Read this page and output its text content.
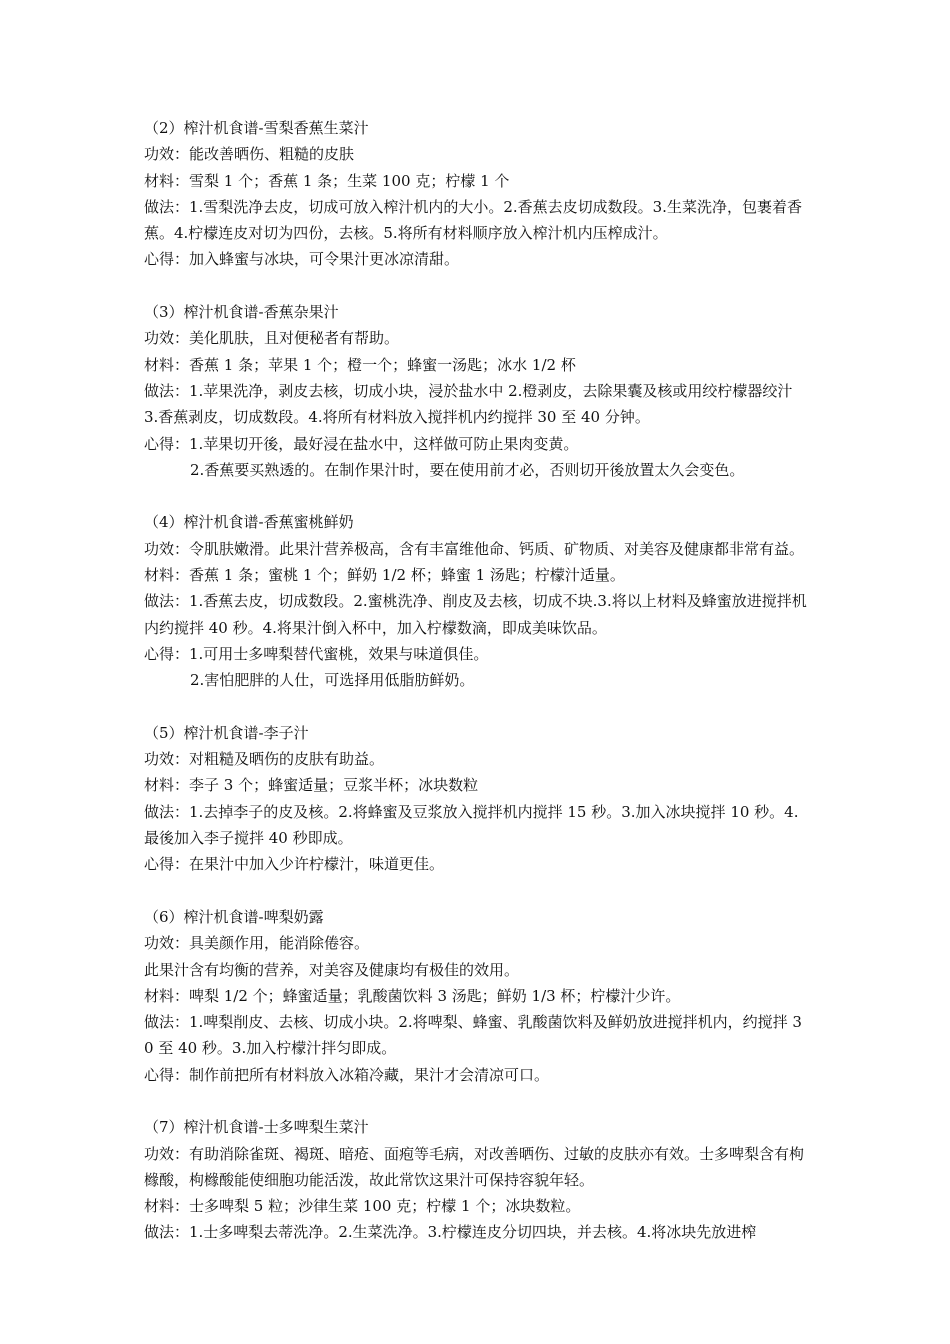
（2）榨汁机食谱-雪梨香蕉生菜汁
功效：能改善晒伤、粗糙的皮肤
材料：雪梨 1 个；香蕉 1 条；生菜 100 克；柠檬 1 个
做法：1.雪梨洗净去皮，切成可放入榨汁机内的大小。2.香蕉去皮切成数段。3.生菜洗净，包裹着香蕉。4.柠檬连皮对切为四份，去核。5.将所有材料顺序放入榨汁机内压榨成汁。
心得：加入蜂蜜与冰块，可令果汁更冰凉清甜。
（3）榨汁机食谱-香蕉杂果汁
功效：美化肌肤，且对便秘者有帮助。
材料：香蕉 1 条；苹果 1 个；橙一个；蜂蜜一汤匙；冰水 1/2 杯
做法：1.苹果洗净，剥皮去核，切成小块，浸於盐水中 2.橙剥皮，去除果囊及核或用绞柠檬器绞汁 3.香蕉剥皮，切成数段。4.将所有材料放入搅拌机内约搅拌 30 至 40 分钟。
心得：1.苹果切开後，最好浸在盐水中，这样做可防止果肉变黄。
2.香蕉要买熟透的。在制作果汁时，要在使用前才必，否则切开後放置太久会变色。
（4）榨汁机食谱-香蕉蜜桃鲜奶
功效：令肌肤嫩滑。此果汁营养极高，含有丰富维他命、钙质、矿物质、对美容及健康都非常有益。
材料：香蕉 1 条；蜜桃 1 个；鲜奶 1/2 杯；蜂蜜 1 汤匙；柠檬汁适量。
做法：1.香蕉去皮，切成数段。2.蜜桃洗净、削皮及去核，切成不块.3.将以上材料及蜂蜜放进搅拌机内约搅拌 40 秒。4.将果汁倒入杯中，加入柠檬数滴，即成美味饮品。
心得：1.可用士多啤梨替代蜜桃，效果与味道俱佳。
2.害怕肥胖的人仕，可选择用低脂肪鲜奶。
（5）榨汁机食谱-李子汁
功效：对粗糙及晒伤的皮肤有助益。
材料：李子 3 个；蜂蜜适量；豆浆半杯；冰块数粒
做法：1.去掉李子的皮及核。2.将蜂蜜及豆浆放入搅拌机内搅拌 15 秒。3.加入冰块搅拌 10 秒。4.最後加入李子搅拌 40 秒即成。
心得：在果汁中加入少许柠檬汁，味道更佳。
（6）榨汁机食谱-啤梨奶露
功效：具美颜作用，能消除倦容。
此果汁含有均衡的营养，对美容及健康均有极佳的效用。
材料：啤梨 1/2 个；蜂蜜适量；乳酸菌饮料 3 汤匙；鲜奶 1/3 杯；柠檬汁少许。
做法：1.啤梨削皮、去核、切成小块。2.将啤梨、蜂蜜、乳酸菌饮料及鲜奶放进搅拌机内，约搅拌 30 至 40 秒。3.加入柠檬汁拌匀即成。
心得：制作前把所有材料放入冰箱冷藏，果汁才会清凉可口。
（7）榨汁机食谱-士多啤梨生菜汁
功效：有助消除雀斑、褐斑、暗疮、面疱等毛病，对改善晒伤、过敏的皮肤亦有效。士多啤梨含有枸橼酸，枸橼酸能使细胞功能活泼，故此常饮这果汁可保持容貌年轻。
材料：士多啤梨 5 粒；沙律生菜 100 克；柠檬 1 个；冰块数粒。
做法：1.士多啤梨去蒂洗净。2.生菜洗净。3.柠檬连皮分切四块，并去核。4.将冰块先放进榨
